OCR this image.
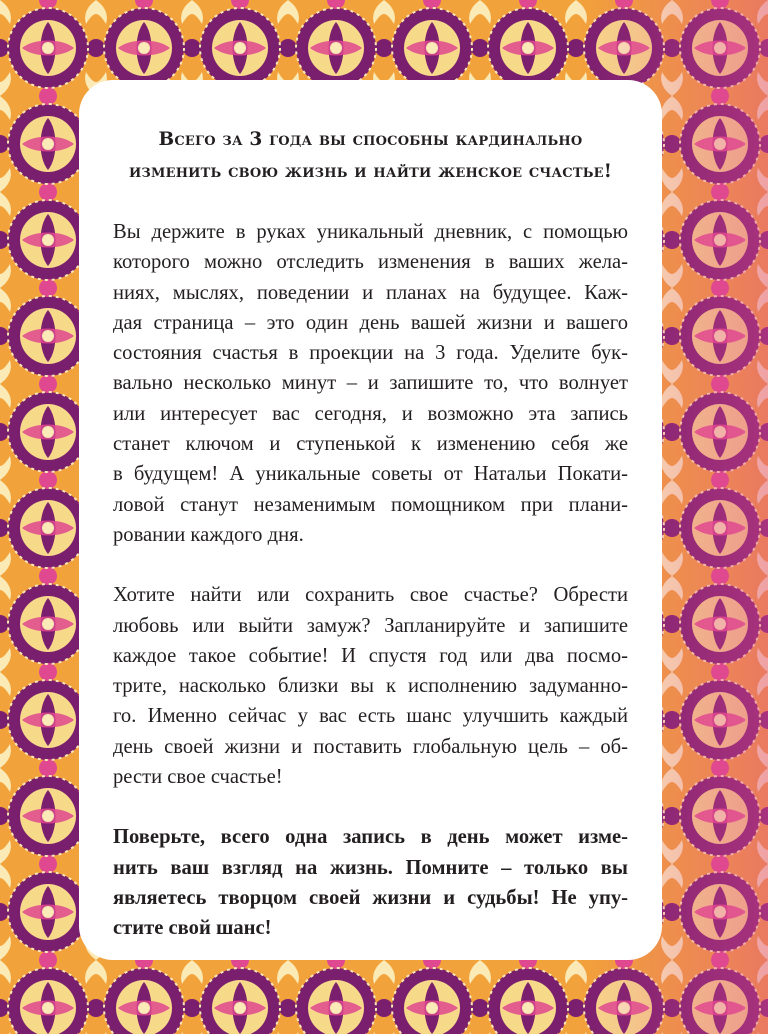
Всего за 3 года вы способны кардинально
изменить свою жизнь и найти женское счастье!

Вы держите в руках уникальный дневник, с помощью
которого можно отследить изменения в ваших жела-
ниях, мыслях, поведении и планах на будущее. Каж-
дая страница – это один день вашей жизни и вашего
состояния счастья в проекции на 3 года. Уделите бук-
вально несколько минут – и запишите то, что волнует
или интересует вас сегодня, и возможно эта запись
станет ключом и ступенькой к изменению себя же
в будущем! А уникальные советы от Натальи Покати-
ловой станут незаменимым помощником при плани-
ровании каждого дня.

Хотите найти или сохранить свое счастье? Обрести
любовь или выйти замуж? Запланируйте и запишите
каждое такое событие! И спустя год или два посмо-
трите, насколько близки вы к исполнению задуманно-
го. Именно сейчас у вас есть шанс улучшить каждый
день своей жизни и поставить глобальную цель – об-
рести свое счастье!

Поверьте, всего одна запись в день может изме-
нить ваш взгляд на жизнь. Помните – только вы
являетесь творцом своей жизни и судьбы! Не упу-
стите свой шанс!
